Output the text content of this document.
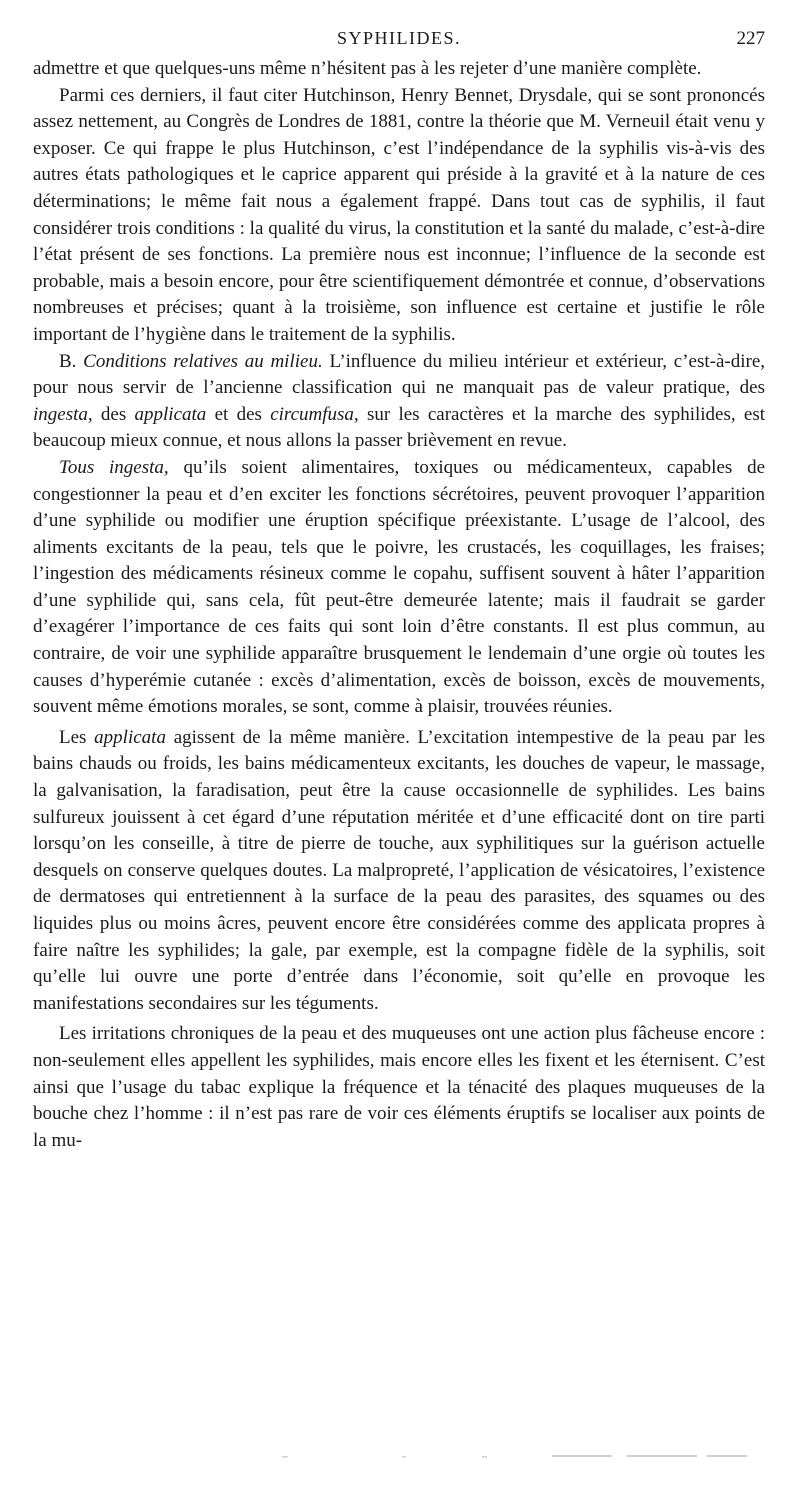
SYPHILIDES.	227

admettre et que quelques-uns même n’hésitent pas à les rejeter d’une manière complète.

Parmi ces derniers, il faut citer Hutchinson, Henry Bennet, Drysdale, qui se sont prononcés assez nettement, au Congrès de Londres de 1881, contre la théorie que M. Verneuil était venu y exposer. Ce qui frappe le plus Hutchinson, c’est l’indépendance de la syphilis vis-à-vis des autres états pathologiques et le caprice apparent qui préside à la gravité et à la nature de ces déterminations; le même fait nous a également frappé. Dans tout cas de syphilis, il faut considérer trois conditions : la qualité du virus, la constitution et la santé du malade, c’est-à-dire l’état présent de ses fonctions. La première nous est inconnue; l’influence de la seconde est probable, mais a besoin encore, pour être scientifiquement démontrée et connue, d’observations nombreuses et précises; quant à la troisième, son influence est certaine et justifie le rôle important de l’hygiène dans le traitement de la syphilis.

B. Conditions relatives au milieu. L’influence du milieu intérieur et extérieur, c’est-à-dire, pour nous servir de l’ancienne classification qui ne manquait pas de valeur pratique, des ingesta, des applicata et des circumfusa, sur les caractères et la marche des syphilides, est beaucoup mieux connue, et nous allons la passer brièvement en revue.

Tous ingesta, qu’ils soient alimentaires, toxiques ou médicamenteux, capables de congestionner la peau et d’en exciter les fonctions sécrétoires, peuvent provoquer l’apparition d’une syphilide ou modifier une éruption spécifique préexistante. L’usage de l’alcool, des aliments excitants de la peau, tels que le poivre, les crustacés, les coquillages, les fraises; l’ingestion des médicaments résineux comme le copahu, suffisent souvent à hâter l’apparition d’une syphilide qui, sans cela, fût peut-être demeurée latente; mais il faudrait se garder d’exagérer l’importance de ces faits qui sont loin d’être constants. Il est plus commun, au contraire, de voir une syphilide apparaître brusquement le lendemain d’une orgie où toutes les causes d’hyperémie cutanée : excès d’alimentation, excès de boisson, excès de mouvements, souvent même émotions morales, se sont, comme à plaisir, trouvées réunies.

Les applicata agissent de la même manière. L’excitation intempestive de la peau par les bains chauds ou froids, les bains médicamenteux excitants, les douches de vapeur, le massage, la galvanisation, la faradisation, peut être la cause occasionnelle de syphilides. Les bains sulfureux jouissent à cet égard d’une réputation méritée et d’une efficacité dont on tire parti lorsqu’on les conseille, à titre de pierre de touche, aux syphilitiques sur la guérison actuelle desquels on conserve quelques doutes. La malpropreté, l’application de vésicatoires, l’existence de dermatoses qui entretiennent à la surface de la peau des parasites, des squames ou des liquides plus ou moins âcres, peuvent encore être considérées comme des applicata propres à faire naître les syphilides; la gale, par exemple, est la compagne fidèle de la syphilis, soit qu’elle lui ouvre une porte d’entrée dans l’économie, soit qu’elle en provoque les manifestations secondaires sur les téguments.

Les irritations chroniques de la peau et des muqueuses ont une action plus fâcheuse encore : non-seulement elles appellent les syphilides, mais encore elles les fixent et les éternisent. C’est ainsi que l’usage du tabac explique la fréquence et la ténacité des plaques muqueuses de la bouche chez l’homme : il n’est pas rare de voir ces éléments éruptifs se localiser aux points de la mu-
